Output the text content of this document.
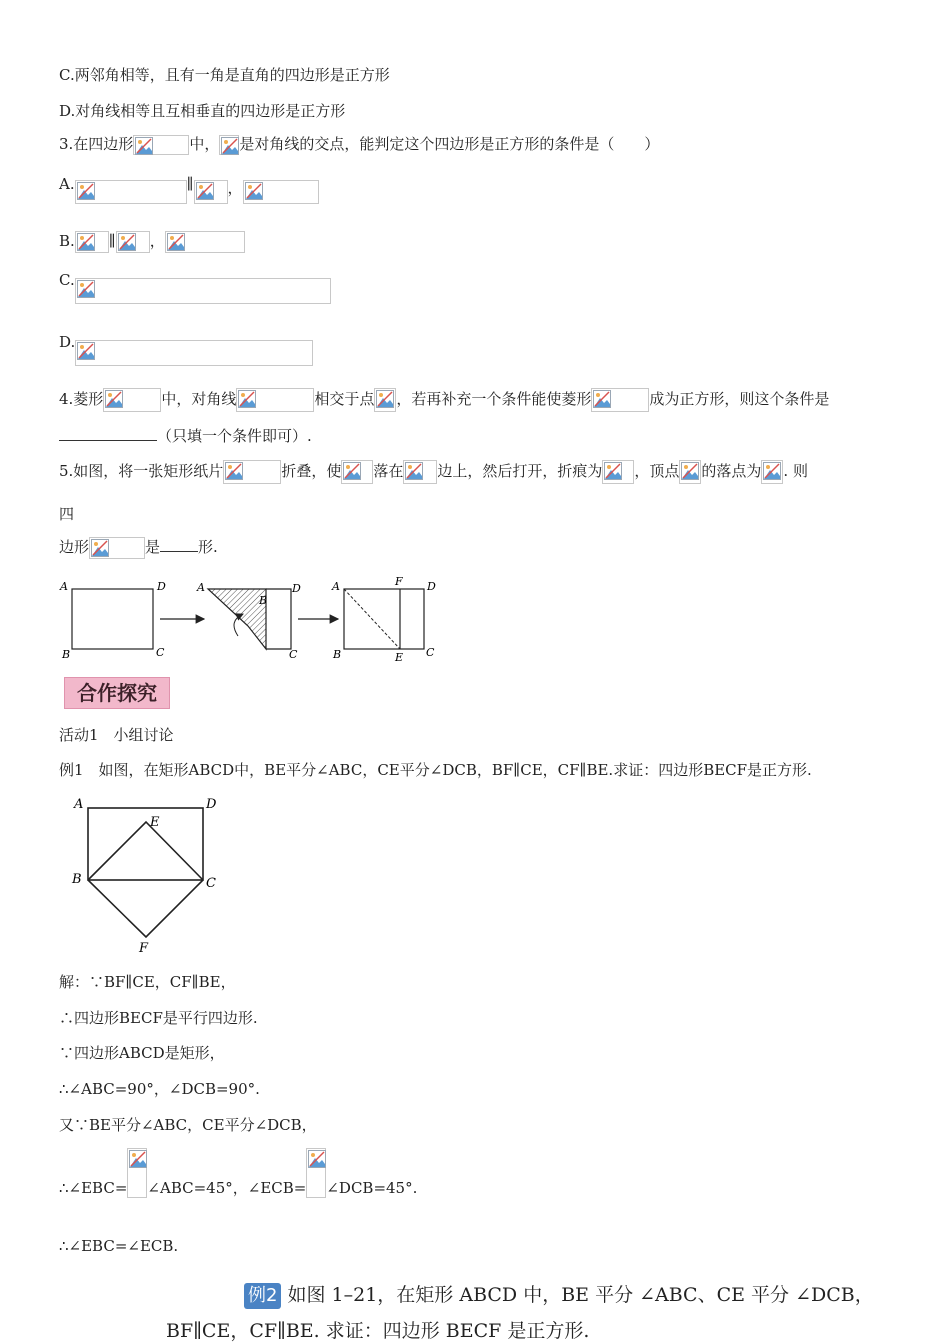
C.两邻角相等，且有一角是直角的四边形是正方形
D.对角线相等且互相垂直的四边形是正方形
3.在四边形	中， 是对角线的交点，能判定这个四边形是正方形的条件是（　　）
A.	∥ ，
B. ∥ ，
C.
D.
4.菱形	中，对角线	相交于点 ，若再补充一个条件能使菱形	成为正方形，则这个条件是
（只填一个条件即可）.
5.如图，将一张矩形纸片	折叠，使 落在 边上，然后打开，折痕为 ，顶点 的落点为 . 则
四
边形	是	形.
A	D
B	C
A
B
D
C
A	F D
B	E C
合作探究
活动1　小组讨论
例1　如图，在矩形ABCD中，BE平分∠ABC，CE平分∠DCB，BF∥CE，CF∥BE.求证：四边形BECF是正方形.
A	D
E
B	C
F
解：∵BF∥CE，CF∥BE，
∴四边形BECF是平行四边形.
∵四边形ABCD是矩形，
∴∠ABC=90°，∠DCB=90°.
又∵BE平分∠ABC，CE平分∠DCB，
∴∠EBC= ∠ABC=45°，∠ECB= ∠DCB=45°.
∴∠EBC=∠ECB.
例2 如图 1–21，在矩形 ABCD 中，BE 平分 ∠ABC、CE 平分 ∠DCB，
BF∥CE，CF∥BE. 求证：四边形 BECF 是正方形.
